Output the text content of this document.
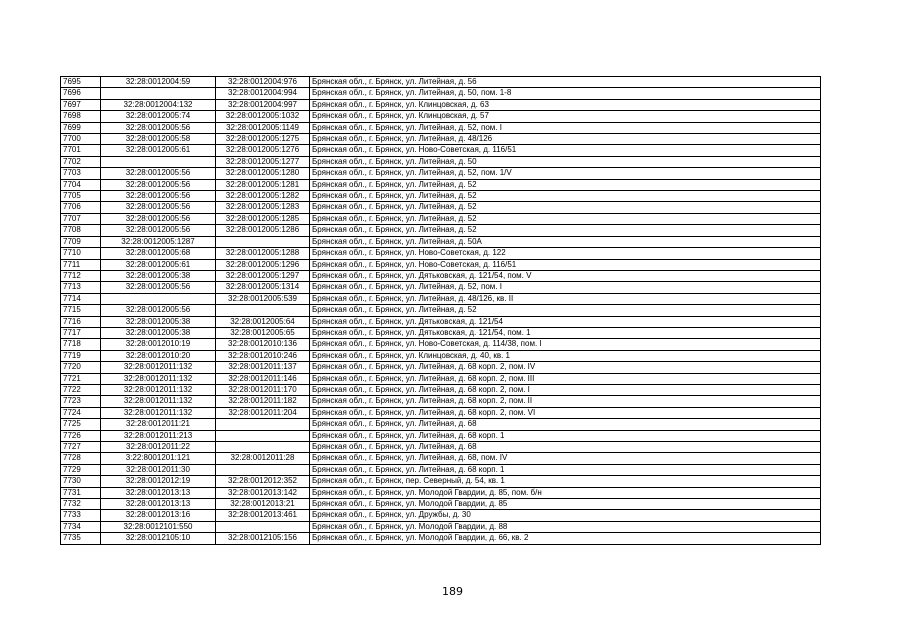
7695	32:28:0012004:59	32:28:0012004:976	Брянская обл., г. Брянск, ул. Литейная, д. 56
7696		32:28:0012004:994	Брянская обл., г. Брянск, ул. Литейная, д. 50, пом. 1-8
7697	32:28:0012004:132	32:28:0012004:997	Брянская обл., г. Брянск, ул. Клинцовская, д. 63
7698	32:28:0012005:74	32:28:0012005:1032	Брянская обл., г. Брянск, ул. Клинцовская, д. 57
7699	32:28:0012005:56	32:28:0012005:1149	Брянская обл., г. Брянск, ул. Литейная, д. 52, пом. I
7700	32:28:0012005:58	32:28:0012005:1275	Брянская обл., г. Брянск, ул. Литейная, д. 48/126
7701	32:28:0012005:61	32:28:0012005:1276	Брянская обл., г. Брянск, ул. Ново-Советская, д. 116/51
7702		32:28:0012005:1277	Брянская обл., г. Брянск, ул. Литейная, д. 50
7703	32:28:0012005:56	32:28:0012005:1280	Брянская обл., г. Брянск, ул. Литейная, д. 52, пом. 1/V
7704	32:28:0012005:56	32:28:0012005:1281	Брянская обл., г. Брянск, ул. Литейная, д. 52
7705	32:28:0012005:56	32:28:0012005:1282	Брянская обл., г. Брянск, ул. Литейная, д. 52
7706	32:28:0012005:56	32:28:0012005:1283	Брянская обл., г. Брянск, ул. Литейная, д. 52
7707	32:28:0012005:56	32:28:0012005:1285	Брянская обл., г. Брянск, ул. Литейная, д. 52
7708	32:28:0012005:56	32:28:0012005:1286	Брянская обл., г. Брянск, ул. Литейная, д. 52
7709	32:28:0012005:1287		Брянская обл., г. Брянск, ул. Литейная, д. 50А
7710	32:28:0012005:68	32:28:0012005:1288	Брянская обл., г. Брянск, ул. Ново-Советская, д. 122
7711	32:28:0012005:61	32:28:0012005:1296	Брянская обл., г. Брянск, ул. Ново-Советская, д. 116/51
7712	32:28:0012005:38	32:28:0012005:1297	Брянская обл., г. Брянск, ул. Дятьковская, д. 121/54, пом. V
7713	32:28:0012005:56	32:28:0012005:1314	Брянская обл., г. Брянск, ул. Литейная, д. 52, пом. I
7714		32:28:0012005:539	Брянская обл., г. Брянск, ул. Литейная, д. 48/126, кв. II
7715	32:28:0012005:56		Брянская обл., г. Брянск, ул. Литейная, д. 52
7716	32:28:0012005:38	32:28:0012005:64	Брянская обл., г. Брянск, ул. Дятьковская, д. 121/54
7717	32:28:0012005:38	32:28:0012005:65	Брянская обл., г. Брянск, ул. Дятьковская, д. 121/54, пом. 1
7718	32:28:0012010:19	32:28:0012010:136	Брянская обл., г. Брянск, ул. Ново-Советская, д. 114/38, пом. I
7719	32:28:0012010:20	32:28:0012010:246	Брянская обл., г. Брянск, ул. Клинцовская, д. 40, кв. 1
7720	32:28:0012011:132	32:28:0012011:137	Брянская обл., г. Брянск, ул. Литейная, д. 68 корп. 2, пом. IV
7721	32:28:0012011:132	32:28:0012011:146	Брянская обл., г. Брянск, ул. Литейная, д. 68 корп. 2, пом. III
7722	32:28:0012011:132	32:28:0012011:170	Брянская обл., г. Брянск, ул. Литейная, д. 68 корп. 2, пом. I
7723	32:28:0012011:132	32:28:0012011:182	Брянская обл., г. Брянск, ул. Литейная, д. 68 корп. 2, пом. II
7724	32:28:0012011:132	32:28:0012011:204	Брянская обл., г. Брянск, ул. Литейная, д. 68 корп. 2, пом. VI
7725	32:28:0012011:21		Брянская обл., г. Брянск, ул. Литейная, д. 68
7726	32:28:0012011:213		Брянская обл., г. Брянск, ул. Литейная, д. 68 корп. 1
7727	32:28:0012011:22		Брянская обл., г. Брянск, ул. Литейная, д. 68
7728	3:22:8001201:121	32:28:0012011:28	Брянская обл., г. Брянск, ул. Литейная, д. 68, пом. IV
7729	32:28:0012011:30		Брянская обл., г. Брянск, ул. Литейная, д. 68 корп. 1
7730	32:28:0012012:19	32:28:0012012:352	Брянская обл., г. Брянск, пер. Северный, д. 54, кв. 1
7731	32:28:0012013:13	32:28:0012013:142	Брянская обл., г. Брянск, ул. Молодой Гвардии, д. 85, пом. б/н
7732	32:28:0012013:13	32:28:0012013:21	Брянская обл., г. Брянск, ул. Молодой Гвардии, д. 85
7733	32:28:0012013:16	32:28:0012013:461	Брянская обл., г. Брянск, ул. Дружбы, д. 30
7734	32:28:0012101:550		Брянская обл., г. Брянск, ул. Молодой Гвардии, д. 88
7735	32:28:0012105:10	32:28:0012105:156	Брянская обл., г. Брянск, ул. Молодой Гвардии, д. 66, кв. 2
189
